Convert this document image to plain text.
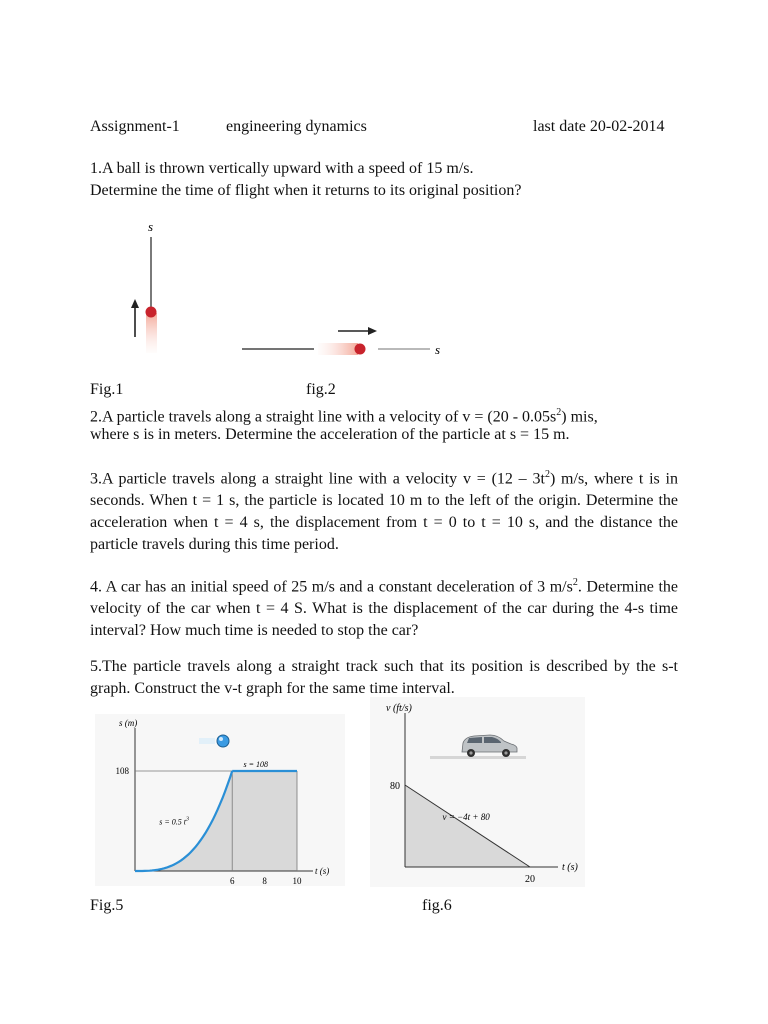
Assignment-1	engineering dynamics	last date 20-02-2014
1.A ball is thrown vertically upward with a speed of 15 m/s.
Determine the time of flight when it returns to its original position?
s
s
Fig.1	fig.2
2.A particle travels along a straight line with a velocity of $v = (20 - 0.05s^2)$ mis,
where s is in meters. Determine the acceleration of the particle at s = 15 m.
3.A particle travels along a straight line with a velocity $v = (12 - 3t^2)$ m/s, where t is in seconds. When t = 1 s, the particle is located 10 m to the left of the origin. Determine the acceleration when t = 4 s, the displacement from t = 0 to t = 10 s, and the distance the particle travels during this time period.
4. A car has an initial speed of 25 m/s and a constant deceleration of 3 $m/s^2$. Determine the velocity of the car when t = 4 S. What is the displacement of the car during the 4-s time interval? How much time is needed to stop the car?
5.The particle travels along a straight track such that its position is described by the s-t graph. Construct the v-t graph for the same time interval.
s (m)
t (s)
108
6	8	10
s = 0.5 $t^3$
s = 108
v (ft/s)
t (s)
80
20
v = −4t + 80
Fig.5	fig.6
